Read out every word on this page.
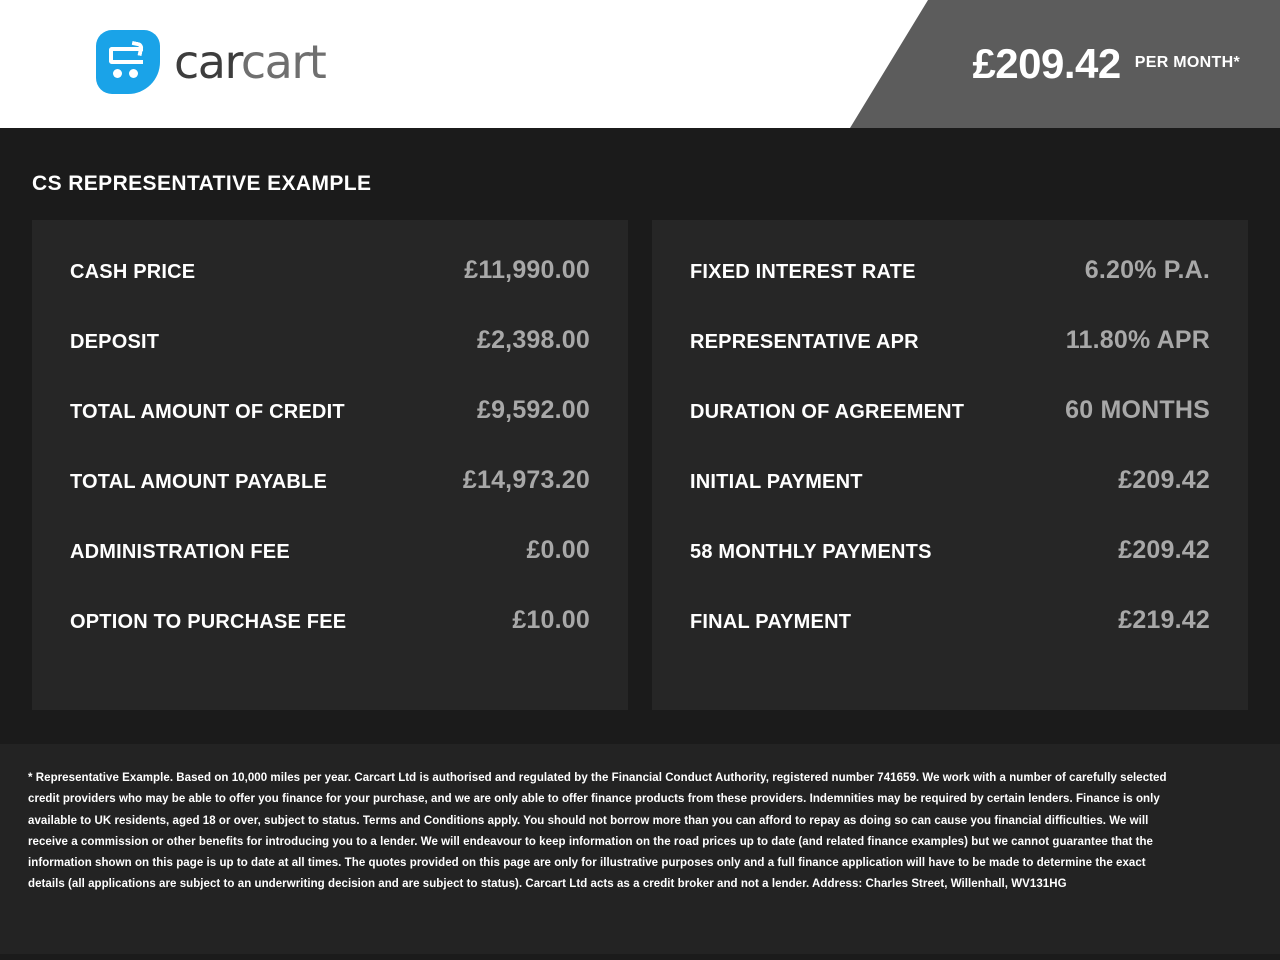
carcart	£209.42 PER MONTH*
CS REPRESENTATIVE EXAMPLE
CASH PRICE	£11,990.00
DEPOSIT	£2,398.00
TOTAL AMOUNT OF CREDIT	£9,592.00
TOTAL AMOUNT PAYABLE	£14,973.20
ADMINISTRATION FEE	£0.00
OPTION TO PURCHASE FEE	£10.00
FIXED INTEREST RATE	6.20% P.A.
REPRESENTATIVE APR	11.80% APR
DURATION OF AGREEMENT	60 MONTHS
INITIAL PAYMENT	£209.42
58 MONTHLY PAYMENTS	£209.42
FINAL PAYMENT	£219.42

* Representative Example. Based on 10,000 miles per year. Carcart Ltd is authorised and regulated by the Financial Conduct Authority, registered number 741659. We work with a number of carefully selected credit providers who may be able to offer you finance for your purchase, and we are only able to offer finance products from these providers. Indemnities may be required by certain lenders. Finance is only available to UK residents, aged 18 or over, subject to status. Terms and Conditions apply. You should not borrow more than you can afford to repay as doing so can cause you financial difficulties. We will receive a commission or other benefits for introducing you to a lender. We will endeavour to keep information on the road prices up to date (and related finance examples) but we cannot guarantee that the information shown on this page is up to date at all times. The quotes provided on this page are only for illustrative purposes only and a full finance application will have to be made to determine the exact details (all applications are subject to an underwriting decision and are subject to status). Carcart Ltd acts as a credit broker and not a lender. Address: Charles Street, Willenhall, WV131HG
